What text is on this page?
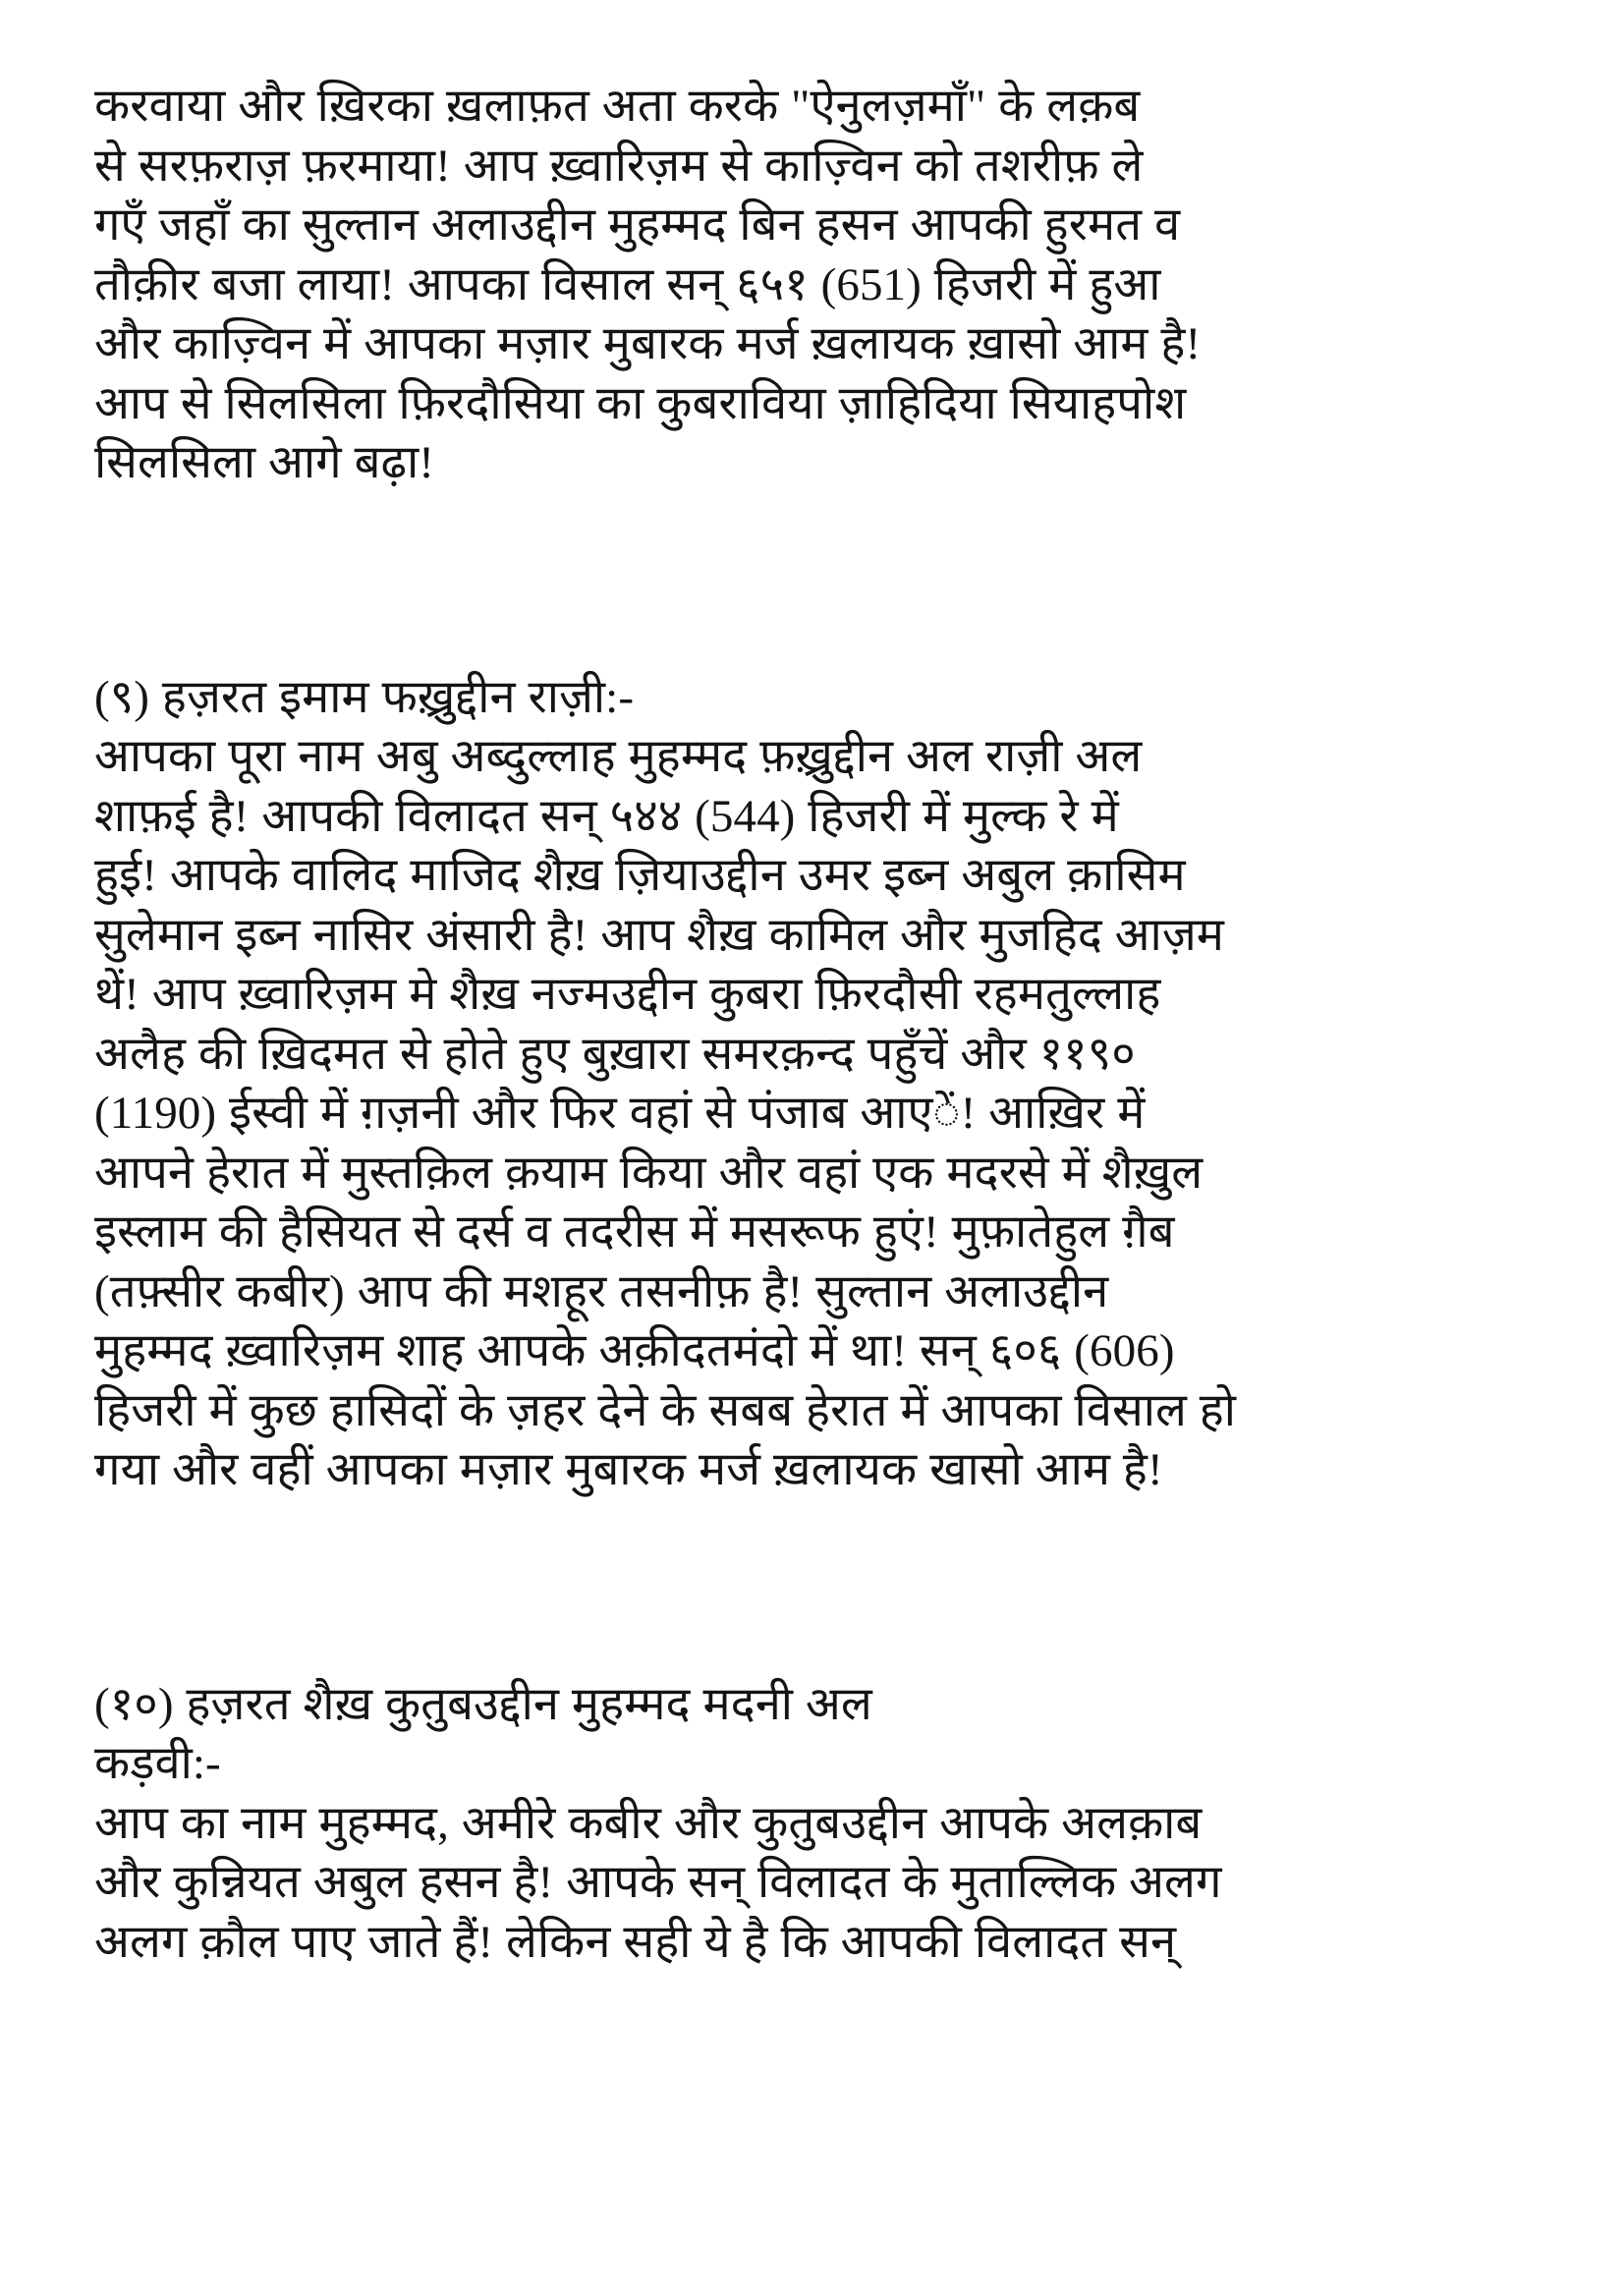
करवाया और ख़िरका ख़लाफ़त अता करके "ऐनुलज़माँ" के लक़ब
से सरफ़राज़ फ़रमाया! आप ख़्वारिज़म से काज़्विन को तशरीफ़ ले
गएँ जहाँ का सुल्तान अलाउद्दीन मुहम्मद बिन हसन आपकी हुरमत व
तौक़ीर बजा लाया! आपका विसाल सन् ६५१ (651) हिजरी में हुआ
और काज़्विन में आपका मज़ार मुबारक मर्ज ख़लायक ख़ासो आम है!
आप से सिलसिला फ़िरदौसिया का कुबराविया ज़ाहिदिया सियाहपोश
सिलसिला आगे बढ़ा!

(९) हज़रत इमाम फख़्रुद्दीन राज़ी:-

आपका पूरा नाम अबु अब्दुल्लाह मुहम्मद फ़ख़्रुद्दीन अल राज़ी अल
शाफ़ई है! आपकी विलादत सन् ५४४ (544) हिजरी में मुल्क रे में
हुई! आपके वालिद माजिद शैख़ ज़ियाउद्दीन उमर इब्न अबुल क़ासिम
सुलेमान इब्न नासिर अंसारी है! आप शैख़ कामिल और मुजहिद आज़म
थें! आप ख़्वारिज़म मे शैख़ नज्मउद्दीन कुबरा फ़िरदौसी रहमतुल्लाह
अलैह की ख़िदमत से होते हुए बुख़ारा समरक़न्द पहुँचें और ११९०
(1190) ईस्वी में ग़ज़नी और फिर वहां से पंजाब आएें! आख़िर में
आपने हेरात में मुस्तक़िल क़याम किया और वहां एक मदरसे में शैख़ुल
इस्लाम की हैसियत से दर्स व तदरीस में मसरूफ हुएं! मुफ़ातेहुल ग़ैब
(तफ़्सीर कबीर) आप की मशहूर तसनीफ़ है! सुल्तान अलाउद्दीन
मुहम्मद ख़्वारिज़म शाह आपके अक़ीदतमंदो में था! सन् ६०६ (606)
हिजरी में कुछ हासिदों के ज़हर देने के सबब हेरात में आपका विसाल हो
गया और वहीं आपका मज़ार मुबारक मर्ज ख़लायक खासो आम है!

(१०) हज़रत शैख़ कुतुबउद्दीन मुहम्मद मदनी अल
कड़वी:-

आप का नाम मुहम्मद, अमीरे कबीर और कुतुबउद्दीन आपके अलक़ाब
और कुन्नियत अबुल हसन है! आपके सन् विलादत के मुताल्लिक अलग
अलग क़ौल पाए जाते हैं! लेकिन सही ये है कि आपकी विलादत सन्
